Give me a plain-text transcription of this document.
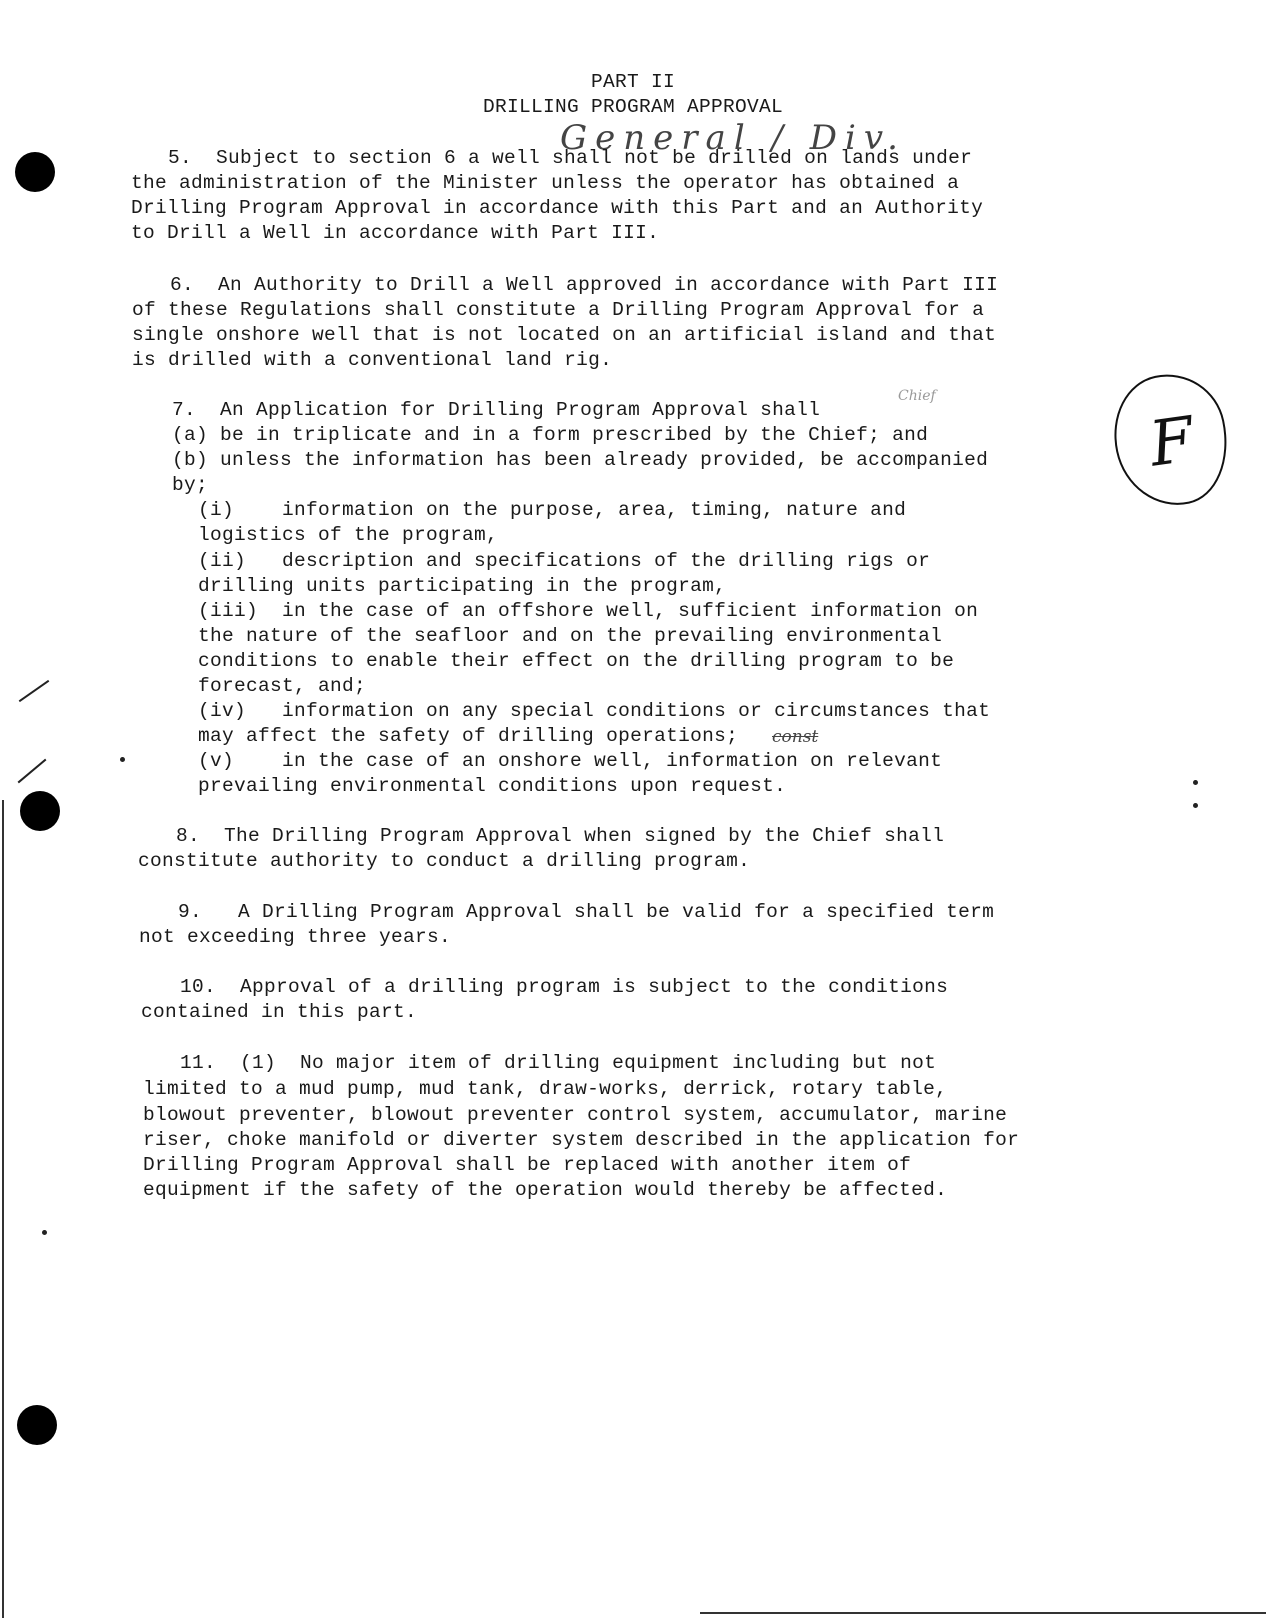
PART II
DRILLING PROGRAM APPROVAL
General / Div.
Chief
const
F
5.  Subject to section 6 a well shall not be drilled on lands under
the administration of the Minister unless the operator has obtained a
Drilling Program Approval in accordance with this Part and an Authority
to Drill a Well in accordance with Part III.
6.  An Authority to Drill a Well approved in accordance with Part III
of these Regulations shall constitute a Drilling Program Approval for a
single onshore well that is not located on an artificial island and that
is drilled with a conventional land rig.
7.  An Application for Drilling Program Approval shall
(a) be in triplicate and in a form prescribed by the Chief; and
(b) unless the information has been already provided, be accompanied
by;
(i)    information on the purpose, area, timing, nature and
logistics of the program,
(ii)   description and specifications of the drilling rigs or
drilling units participating in the program,
(iii)  in the case of an offshore well, sufficient information on
the nature of the seafloor and on the prevailing environmental
conditions to enable their effect on the drilling program to be
forecast, and;
(iv)   information on any special conditions or circumstances that
may affect the safety of drilling operations;
(v)    in the case of an onshore well, information on relevant
prevailing environmental conditions upon request.
8.  The Drilling Program Approval when signed by the Chief shall
constitute authority to conduct a drilling program.
9.   A Drilling Program Approval shall be valid for a specified term
not exceeding three years.
10.  Approval of a drilling program is subject to the conditions
contained in this part.
11.  (1)  No major item of drilling equipment including but not
limited to a mud pump, mud tank, draw-works, derrick, rotary table,
blowout preventer, blowout preventer control system, accumulator, marine
riser, choke manifold or diverter system described in the application for
Drilling Program Approval shall be replaced with another item of
equipment if the safety of the operation would thereby be affected.
